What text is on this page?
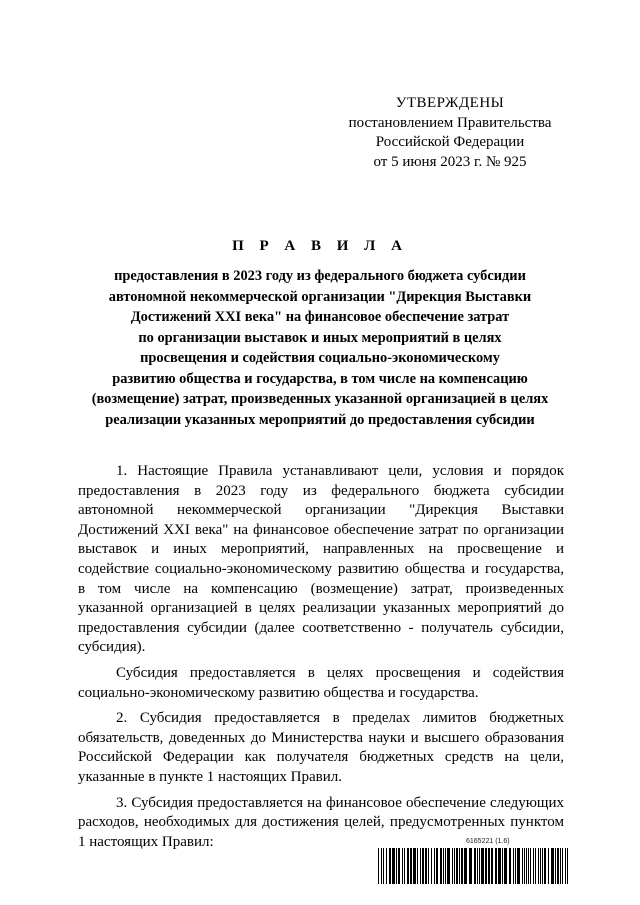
УТВЕРЖДЕНЫ
постановлением Правительства
Российской Федерации
от 5 июня 2023 г. № 925
П Р А В И Л А
предоставления в 2023 году из федерального бюджета субсидии
автономной некоммерческой организации "Дирекция Выставки
Достижений XXI века" на финансовое обеспечение затрат
по организации выставок и иных мероприятий в целях
просвещения и содействия социально-экономическому
развитию общества и государства, в том числе на компенсацию
(возмещение) затрат, произведенных указанной организацией в целях
реализации указанных мероприятий до предоставления субсидии

1. Настоящие Правила устанавливают цели, условия и порядок предоставления в 2023 году из федерального бюджета субсидии автономной некоммерческой организации "Дирекция Выставки Достижений XXI века" на финансовое обеспечение затрат по организации выставок и иных мероприятий, направленных на просвещение и содействие социально-экономическому развитию общества и государства, в том числе на компенсацию (возмещение) затрат, произведенных указанной организацией в целях реализации указанных мероприятий до предоставления субсидии (далее соответственно - получатель субсидии, субсидия).

Субсидия предоставляется в целях просвещения и содействия социально-экономическому развитию общества и государства.

2. Субсидия предоставляется в пределах лимитов бюджетных обязательств, доведенных до Министерства науки и высшего образования Российской Федерации как получателя бюджетных средств на цели, указанные в пункте 1 настоящих Правил.

3. Субсидия предоставляется на финансовое обеспечение следующих расходов, необходимых для достижения целей, предусмотренных пунктом 1 настоящих Правил:	6165221 (1.6)
